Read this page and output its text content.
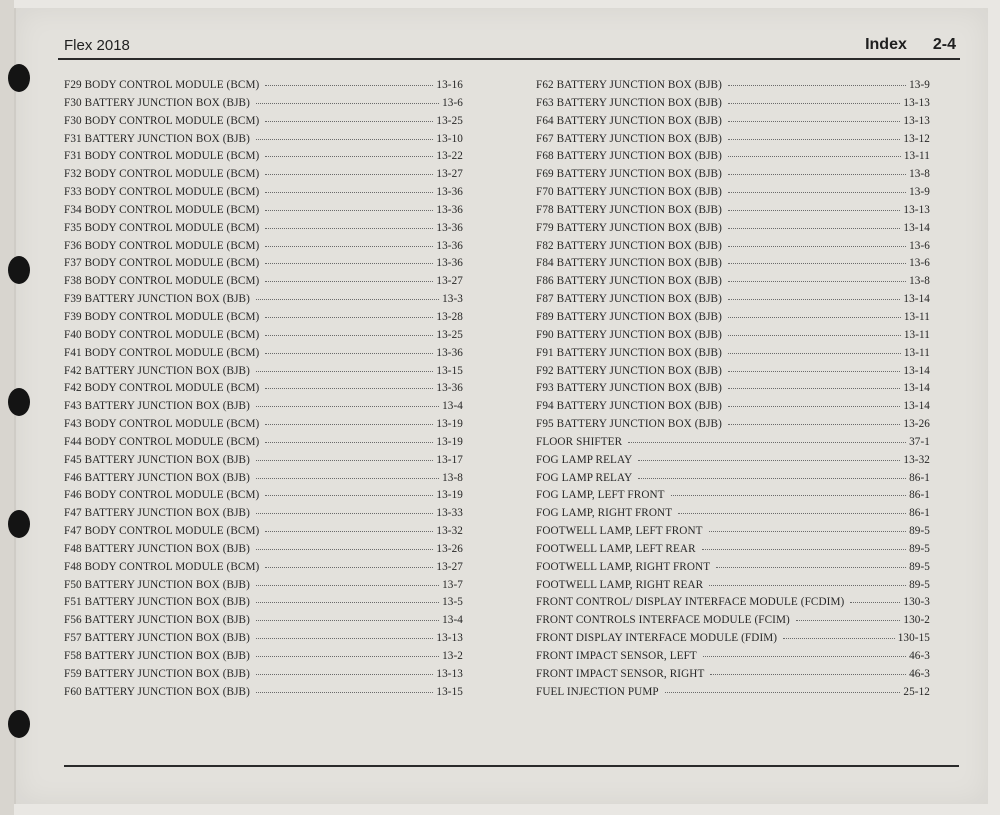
Flex 2018	Index 2-4
F29 BODY CONTROL MODULE (BCM)	13-16
F30 BATTERY JUNCTION BOX (BJB)	13-6
F30 BODY CONTROL MODULE (BCM)	13-25
F31 BATTERY JUNCTION BOX (BJB)	13-10
F31 BODY CONTROL MODULE (BCM)	13-22
F32 BODY CONTROL MODULE (BCM)	13-27
F33 BODY CONTROL MODULE (BCM)	13-36
F34 BODY CONTROL MODULE (BCM)	13-36
F35 BODY CONTROL MODULE (BCM)	13-36
F36 BODY CONTROL MODULE (BCM)	13-36
F37 BODY CONTROL MODULE (BCM)	13-36
F38 BODY CONTROL MODULE (BCM)	13-27
F39 BATTERY JUNCTION BOX (BJB)	13-3
F39 BODY CONTROL MODULE (BCM)	13-28
F40 BODY CONTROL MODULE (BCM)	13-25
F41 BODY CONTROL MODULE (BCM)	13-36
F42 BATTERY JUNCTION BOX (BJB)	13-15
F42 BODY CONTROL MODULE (BCM)	13-36
F43 BATTERY JUNCTION BOX (BJB)	13-4
F43 BODY CONTROL MODULE (BCM)	13-19
F44 BODY CONTROL MODULE (BCM)	13-19
F45 BATTERY JUNCTION BOX (BJB)	13-17
F46 BATTERY JUNCTION BOX (BJB)	13-8
F46 BODY CONTROL MODULE (BCM)	13-19
F47 BATTERY JUNCTION BOX (BJB)	13-33
F47 BODY CONTROL MODULE (BCM)	13-32
F48 BATTERY JUNCTION BOX (BJB)	13-26
F48 BODY CONTROL MODULE (BCM)	13-27
F50 BATTERY JUNCTION BOX (BJB)	13-7
F51 BATTERY JUNCTION BOX (BJB)	13-5
F56 BATTERY JUNCTION BOX (BJB)	13-4
F57 BATTERY JUNCTION BOX (BJB)	13-13
F58 BATTERY JUNCTION BOX (BJB)	13-2
F59 BATTERY JUNCTION BOX (BJB)	13-13
F60 BATTERY JUNCTION BOX (BJB)	13-15
F62 BATTERY JUNCTION BOX (BJB)	13-9
F63 BATTERY JUNCTION BOX (BJB)	13-13
F64 BATTERY JUNCTION BOX (BJB)	13-13
F67 BATTERY JUNCTION BOX (BJB)	13-12
F68 BATTERY JUNCTION BOX (BJB)	13-11
F69 BATTERY JUNCTION BOX (BJB)	13-8
F70 BATTERY JUNCTION BOX (BJB)	13-9
F78 BATTERY JUNCTION BOX (BJB)	13-13
F79 BATTERY JUNCTION BOX (BJB)	13-14
F82 BATTERY JUNCTION BOX (BJB)	13-6
F84 BATTERY JUNCTION BOX (BJB)	13-6
F86 BATTERY JUNCTION BOX (BJB)	13-8
F87 BATTERY JUNCTION BOX (BJB)	13-14
F89 BATTERY JUNCTION BOX (BJB)	13-11
F90 BATTERY JUNCTION BOX (BJB)	13-11
F91 BATTERY JUNCTION BOX (BJB)	13-11
F92 BATTERY JUNCTION BOX (BJB)	13-14
F93 BATTERY JUNCTION BOX (BJB)	13-14
F94 BATTERY JUNCTION BOX (BJB)	13-14
F95 BATTERY JUNCTION BOX (BJB)	13-26
FLOOR SHIFTER	37-1
FOG LAMP RELAY	13-32
FOG LAMP RELAY	86-1
FOG LAMP, LEFT FRONT	86-1
FOG LAMP, RIGHT FRONT	86-1
FOOTWELL LAMP, LEFT FRONT	89-5
FOOTWELL LAMP, LEFT REAR	89-5
FOOTWELL LAMP, RIGHT FRONT	89-5
FOOTWELL LAMP, RIGHT REAR	89-5
FRONT CONTROL/ DISPLAY INTERFACE MODULE (FCDIM)	130-3
FRONT CONTROLS INTERFACE MODULE (FCIM)	130-2
FRONT DISPLAY INTERFACE MODULE (FDIM)	130-15
FRONT IMPACT SENSOR, LEFT	46-3
FRONT IMPACT SENSOR, RIGHT	46-3
FUEL INJECTION PUMP	25-12
